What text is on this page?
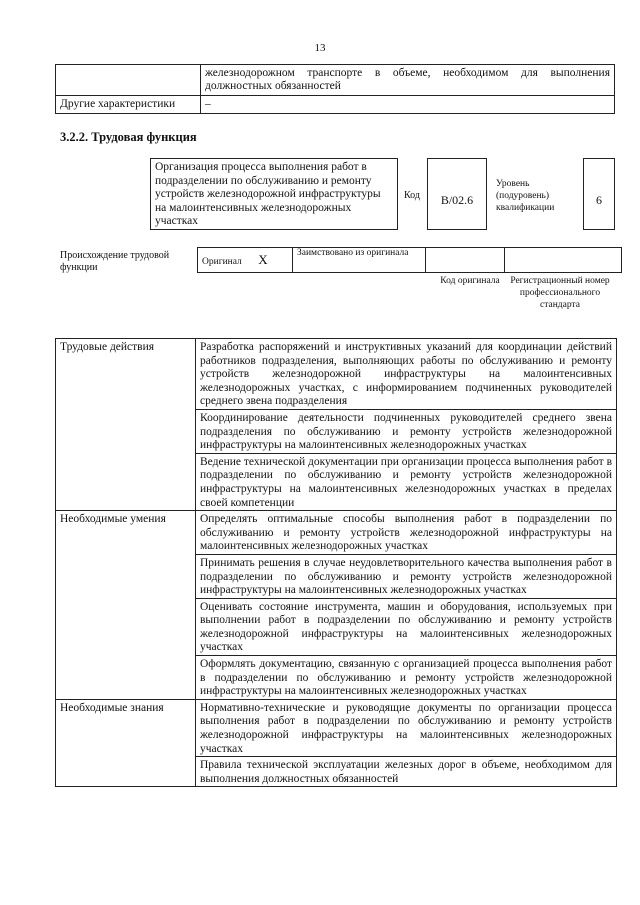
13
	железнодорожном транспорте в объеме, необходимом для выполнения должностных обязанностей
Другие характеристики	–
3.2.2. Трудовая функция
Организация процесса выполнения работ в подразделении по обслуживанию и ремонту устройств железнодорожной инфраструктуры на малоинтенсивных железнодорожных участках
Код	B/02.6
Уровень (подуровень) квалификации
6
Происхождение трудовой функции	Оригинал X	Заимствовано из оригинала		
Код оригинала Регистрационный номер профессионального стандарта
Трудовые действия	Разработка распоряжений и инструктивных указаний для координации действий работников подразделения, выполняющих работы по обслуживанию и ремонту устройств железнодорожной инфраструктуры на малоинтенсивных железнодорожных участках, с информированием подчиненных руководителей среднего звена подразделения
	Координирование деятельности подчиненных руководителей среднего звена подразделения по обслуживанию и ремонту устройств железнодорожной инфраструктуры на малоинтенсивных железнодорожных участках
	Ведение технической документации при организации процесса выполнения работ в подразделении по обслуживанию и ремонту устройств железнодорожной инфраструктуры на малоинтенсивных железнодорожных участках в пределах своей компетенции
Необходимые умения	Определять оптимальные способы выполнения работ в подразделении по обслуживанию и ремонту устройств железнодорожной инфраструктуры на малоинтенсивных железнодорожных участках
	Принимать решения в случае неудовлетворительного качества выполнения работ в подразделении по обслуживанию и ремонту устройств железнодорожной инфраструктуры на малоинтенсивных железнодорожных участках
	Оценивать состояние инструмента, машин и оборудования, используемых при выполнении работ в подразделении по обслуживанию и ремонту устройств железнодорожной инфраструктуры на малоинтенсивных железнодорожных участках
	Оформлять документацию, связанную с организацией процесса выполнения работ в подразделении по обслуживанию и ремонту устройств железнодорожной инфраструктуры на малоинтенсивных железнодорожных участках
Необходимые знания	Нормативно-технические и руководящие документы по организации процесса выполнения работ в подразделении по обслуживанию и ремонту устройств железнодорожной инфраструктуры на малоинтенсивных железнодорожных участках
	Правила технической эксплуатации железных дорог в объеме, необходимом для выполнения должностных обязанностей
